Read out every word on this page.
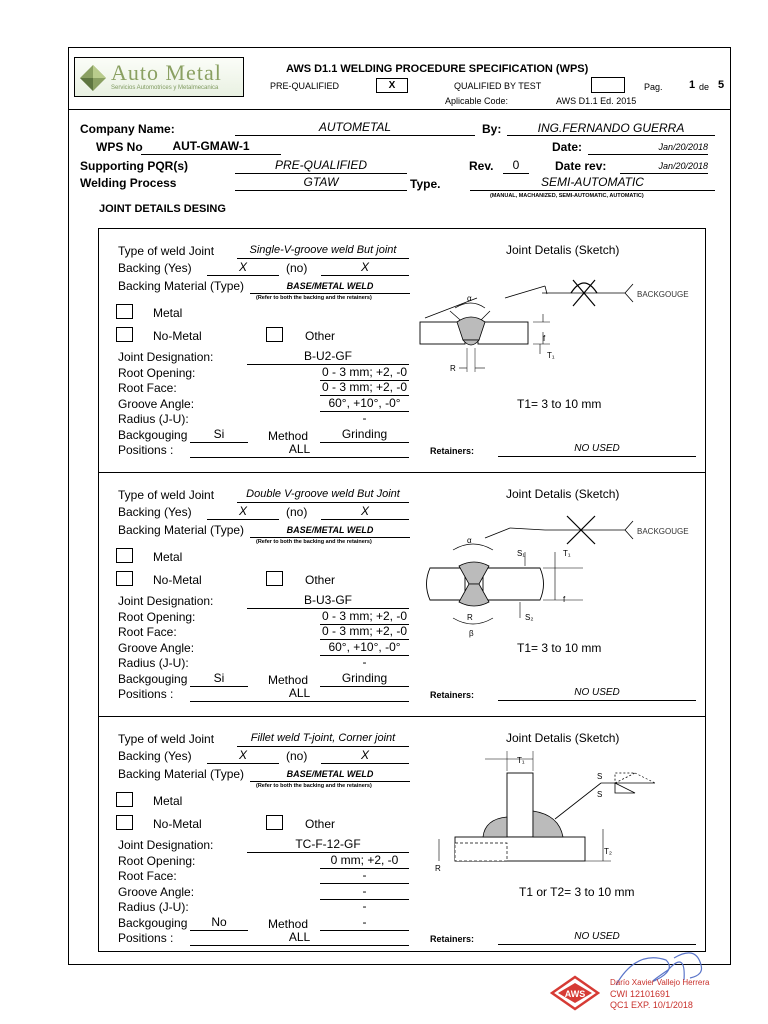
Auto Metal
Servicios Automotrices y Metalmecanica
AWS D1.1 WELDING PROCEDURE SPECIFICATION (WPS)
PRE-QUALIFIED	X	QUALIFIED BY TEST	Pag. 1 de 5
Aplicable Code:	AWS D1.1 Ed. 2015
Company Name:	AUTOMETAL	By:	ING.FERNANDO GUERRA
WPS No	AUT-GMAW-1	Date:	Jan/20/2018
Supporting PQR(s)	PRE-QUALIFIED	Rev.	0	Date rev:	Jan/20/2018
Welding Process	GTAW	Type.	SEMI-AUTOMATIC
(MANUAL, MACHANIZED, SEMI-AUTOMATIC, AUTOMATIC)
JOINT DETAILS DESING
Type of weld Joint	Single-V-groove weld But joint
Backing (Yes)	X	(no)	X
Backing Material (Type)	BASE/METAL WELD
(Refer to both the backing and the retainers)
Metal
No-Metal	Other
Joint Designation:	B-U2-GF
Root Opening:	0 - 3 mm; +2, -0
Root Face:	0 - 3 mm; +2, -0
Groove Angle:	60°, +10°, -0°
Radius (J-U):	-
Backgouging	Si	Method	Grinding
Positions :	ALL	Retainers:	NO USED
Joint Detalis (Sketch)
T1= 3 to 10 mm
Type of weld Joint	Double V-groove weld But Joint
Backing (Yes)	X	(no)	X
Backing Material (Type)	BASE/METAL WELD
(Refer to both the backing and the retainers)
Metal
No-Metal	Other
Joint Designation:	B-U3-GF
Root Opening:	0 - 3 mm; +2, -0
Root Face:	0 - 3 mm; +2, -0
Groove Angle:	60°, +10°, -0°
Radius (J-U):	-
Backgouging	Si	Method	Grinding
Positions :	ALL	Retainers:	NO USED
Joint Detalis (Sketch)
T1= 3 to 10 mm
Type of weld Joint	Fillet weld T-joint, Corner joint
Backing (Yes)	X	(no)	X
Backing Material (Type)	BASE/METAL WELD
(Refer to both the backing and the retainers)
Metal
No-Metal	Other
Joint Designation:	TC-F-12-GF
Root Opening:	0 mm; +2, -0
Root Face:	-
Groove Angle:	-
Radius (J-U):	-
Backgouging	No	Method	-
Positions :	ALL	Retainers:	NO USED
Joint Detalis (Sketch)
T1 or T2= 3 to 10 mm
BACKGOUGE
α
f
T₁
R
BACKGOUGE
α
β
R
S₁	T₁
f
S₂
T₁
S
S
T₂
R
AWS
Darío Xavier Vallejo Herrera
CWI 12101691
QC1 EXP. 10/1/2018
